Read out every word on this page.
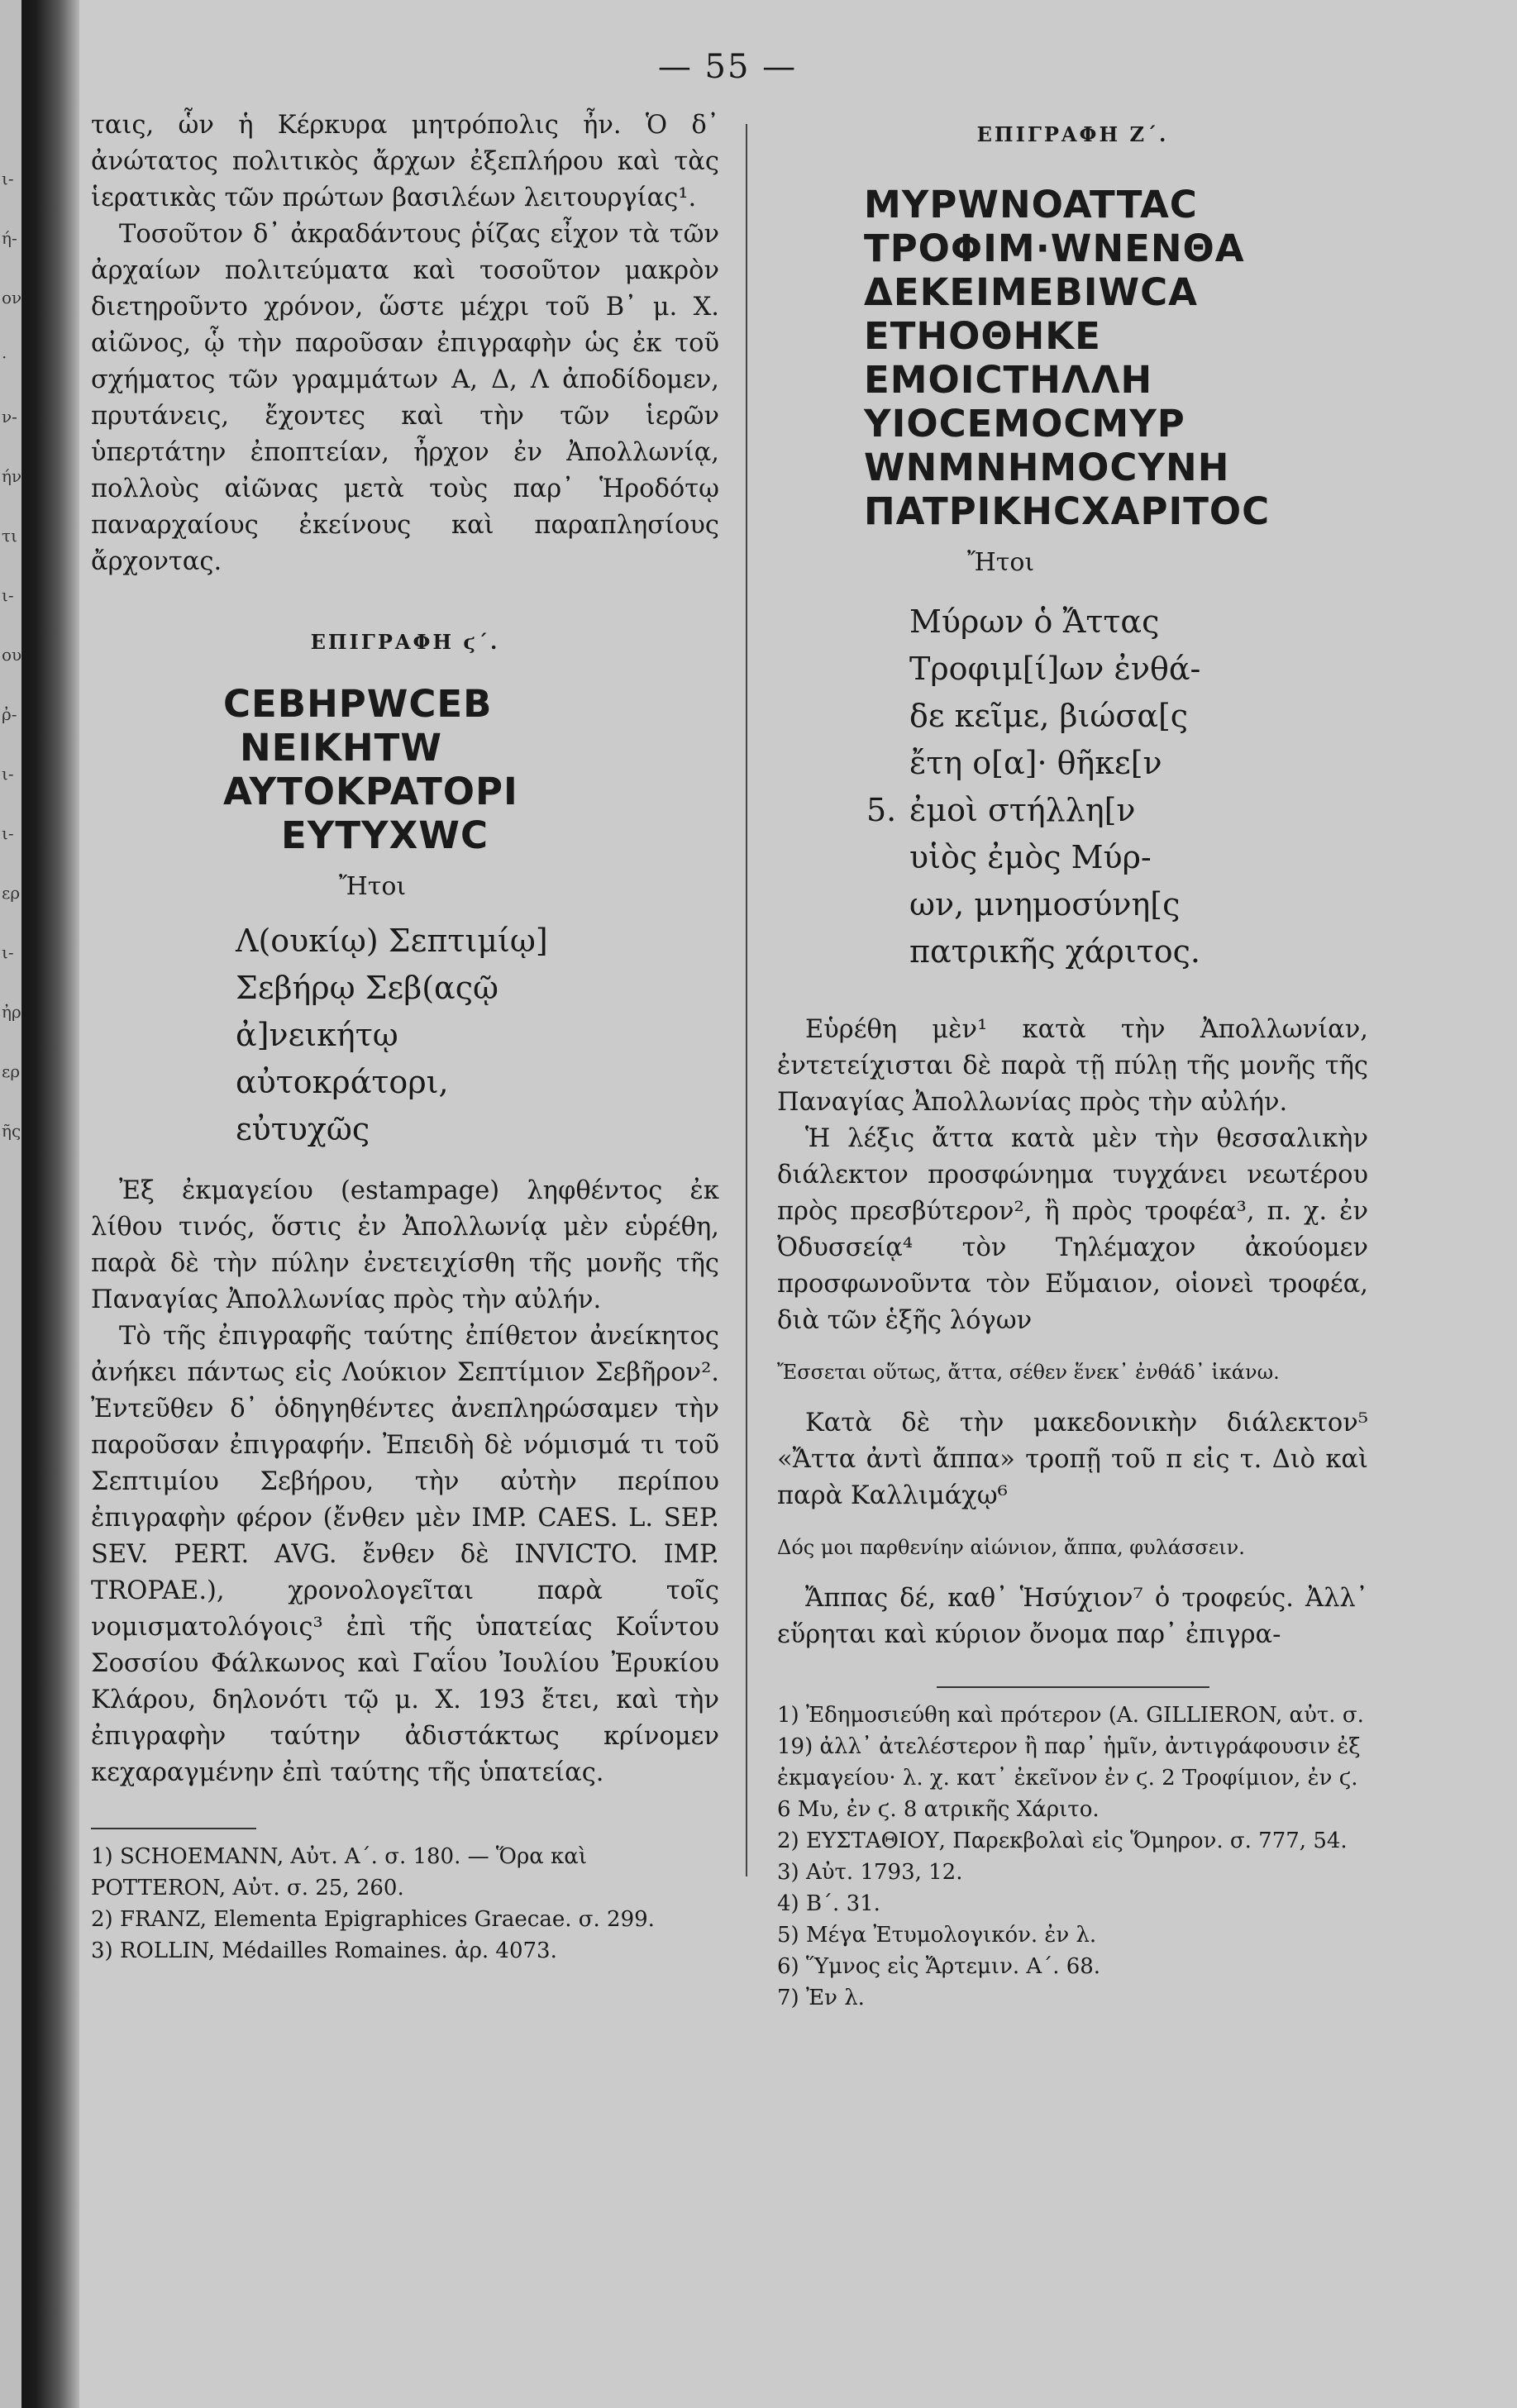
ι-
ή-
ον
·
ν-
ήν
τι
ι-
ου
ῤ-
ι-
ι-
ερ
ι-
ἠρ
ερ
ῆς
— 55 —

ταις, ὧν ἡ Κέρκυρα μητρόπολις ἦν. Ὁ δ᾽ ἀνώτατος πολιτικὸς ἄρχων ἐξεπλήρου καὶ τὰς ἱερατικὰς τῶν πρώτων βασιλέων λειτουργίας¹.

Τοσοῦτον δ᾽ ἀκραδάντους ῥίζας εἶχον τὰ τῶν ἀρχαίων πολιτεύματα καὶ τοσοῦτον μακρὸν διετηροῦντο χρόνον, ὥστε μέχρι τοῦ Β᾽ μ. Χ. αἰῶνος, ᾧ τὴν παροῦσαν ἐπιγραφὴν ὡς ἐκ τοῦ σχήματος τῶν γραμμάτων Α, Δ, Λ ἀποδίδομεν, πρυτάνεις, ἔχοντες καὶ τὴν τῶν ἱερῶν ὑπερτάτην ἐποπτείαν, ἦρχον ἐν Ἀπολλωνίᾳ, πολλοὺς αἰῶνας μετὰ τοὺς παρ᾽ Ἡροδότῳ παναρχαίους ἐκείνους καὶ παραπλησίους ἄρχοντας.

ΕΠΙΓΡΑΦΗ ϛ΄.

CEBHPWCEB
NEIKHTW
AYTOKPATOPI
EYTYXWC

Ἤτοι

Λ(ουκίῳ) Σεπτιμίῳ]
Σεβήρῳ Σεβ(αςῷ
ἀ]νεικήτῳ
αὐτοκράτορι,
εὐτυχῶς

Ἐξ ἐκμαγείου (estampage) ληφθέντος ἐκ λίθου τινός, ὅστις ἐν Ἀπολλωνίᾳ μὲν εὑρέθη, παρὰ δὲ τὴν πύλην ἐνετειχίσθη τῆς μονῆς τῆς Παναγίας Ἀπολλωνίας πρὸς τὴν αὐλήν.

Τὸ τῆς ἐπιγραφῆς ταύτης ἐπίθετον ἀνείκητος ἀνήκει πάντως εἰς Λούκιον Σεπτίμιον Σεβῆρον². Ἐντεῦθεν δ᾽ ὁδηγηθέντες ἀνεπληρώσαμεν τὴν παροῦσαν ἐπιγραφήν. Ἐπειδὴ δὲ νόμισμά τι τοῦ Σεπτιμίου Σεβήρου, τὴν αὐτὴν περίπου ἐπιγραφὴν φέρον (ἔνθεν μὲν IMP. CAES. L. SEP. SEV. PERT. AVG. ἔνθεν δὲ INVICTO. IMP. TROPAE.), χρονολογεῖται παρὰ τοῖς νομισματολόγοις³ ἐπὶ τῆς ὑπατείας Κοΐντου Σοσσίου Φάλκωνος καὶ Γαΐου Ἰουλίου Ἐρυκίου Κλάρου, δηλονότι τῷ μ. Χ. 193 ἔτει, καὶ τὴν ἐπιγραφὴν ταύτην ἀδιστάκτως κρίνομεν κεχαραγμένην ἐπὶ ταύτης τῆς ὑπατείας.

1) SCHOEMANN, Αὐτ. Α΄. σ. 180. — Ὅρα καὶ POTTERON, Αὐτ. σ. 25, 260.

2) FRANZ, Elementa Epigraphices Graecae. σ. 299.

3) ROLLIN, Médailles Romaines. ἀρ. 4073.

ΕΠΙΓΡΑΦΗ Ζ΄.

MYPWNOATTAC
TPOΦIM·WNENΘA
ΔEKEIMEBIWCA
ETHOΘHKE
EMOICTHΛΛH
YIOCEMOCMYP
WNMNHMOCYNH
ΠATPIKHCXAPITOC

Ἤτοι

5.
Μύρων ὁ Ἄττας
Τροφιμ[ί]ων ἐνθά-
δε κεῖμε, βιώσα[ς
ἔτη ο[α]· θῆκε[ν
ἐμοὶ στήλλη[ν
υἱὸς ἐμὸς Μύρ-
ων, μνημοσύνη[ς
πατρικῆς χάριτος.

Εὑρέθη μὲν¹ κατὰ τὴν Ἀπολλωνίαν, ἐντετείχισται δὲ παρὰ τῇ πύλῃ τῆς μονῆς τῆς Παναγίας Ἀπολλωνίας πρὸς τὴν αὐλήν.

Ἡ λέξις ἄττα κατὰ μὲν τὴν θεσσαλικὴν διάλεκτον προσφώνημα τυγχάνει νεωτέρου πρὸς πρεσβύτερον², ἢ πρὸς τροφέα³, π. χ. ἐν Ὀδυσσείᾳ⁴ τὸν Τηλέμαχον ἀκούομεν προσφωνοῦντα τὸν Εὔμαιον, οἱονεὶ τροφέα, διὰ τῶν ἑξῆς λόγων

Ἔσσεται οὕτως, ἄττα, σέθεν ἕνεκ᾽ ἐνθάδ᾽ ἱκάνω.

Κατὰ δὲ τὴν μακεδονικὴν διάλεκτον⁵ «Ἄττα ἀντὶ ἄππα» τροπῇ τοῦ π εἰς τ. Διὸ καὶ παρὰ Καλλιμάχῳ⁶

Δός μοι παρθενίην αἰώνιον, ἄππα, φυλάσσειν.

Ἄππας δέ, καθ᾽ Ἡσύχιον⁷ ὁ τροφεύς. Ἀλλ᾽ εὕρηται καὶ κύριον ὄνομα παρ᾽ ἐπιγρα-

1) Ἐδημοσιεύθη καὶ πρότερον (A. GILLIERON, αὐτ. σ. 19) ἀλλ᾽ ἀτελέστερον ἢ παρ᾽ ἡμῖν, ἀντιγράφουσιν ἐξ ἐκμαγείου· λ. χ. κατ᾽ ἐκεῖνον ἐν ϛ. 2 Τροφίμιον, ἐν ϛ. 6 Μυ, ἐν ϛ. 8 ατρικῆς Χάριτο.

2) ΕΥΣΤΑΘΙΟΥ, Παρεκβολαὶ εἰς Ὅμηρον. σ. 777, 54.

3) Αὐτ. 1793, 12.

4) Β΄. 31.

5) Μέγα Ἐτυμολογικόν. ἐν λ.

6) Ὕμνος εἰς Ἄρτεμιν. Α΄. 68.

7) Ἐν λ.
